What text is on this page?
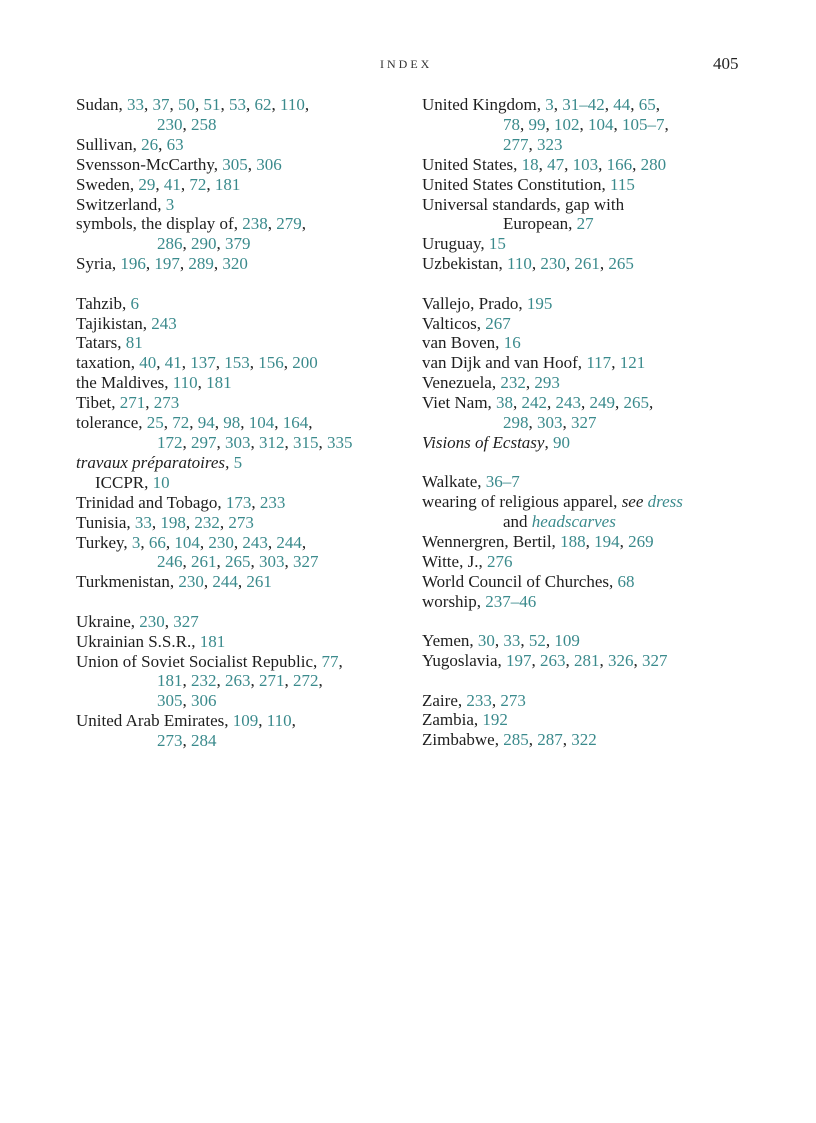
INDEX	405
Sudan, 33, 37, 50, 51, 53, 62, 110,
230, 258
Sullivan, 26, 63
Svensson-McCarthy, 305, 306
Sweden, 29, 41, 72, 181
Switzerland, 3
symbols, the display of, 238, 279,
286, 290, 379
Syria, 196, 197, 289, 320
Tahzib, 6
Tajikistan, 243
Tatars, 81
taxation, 40, 41, 137, 153, 156, 200
the Maldives, 110, 181
Tibet, 271, 273
tolerance, 25, 72, 94, 98, 104, 164,
172, 297, 303, 312, 315, 335
travaux préparatoires, 5
ICCPR, 10
Trinidad and Tobago, 173, 233
Tunisia, 33, 198, 232, 273
Turkey, 3, 66, 104, 230, 243, 244,
246, 261, 265, 303, 327
Turkmenistan, 230, 244, 261
Ukraine, 230, 327
Ukrainian S.S.R., 181
Union of Soviet Socialist Republic, 77,
181, 232, 263, 271, 272,
305, 306
United Arab Emirates, 109, 110,
273, 284
United Kingdom, 3, 31–42, 44, 65,
78, 99, 102, 104, 105–7,
277, 323
United States, 18, 47, 103, 166, 280
United States Constitution, 115
Universal standards, gap with
European, 27
Uruguay, 15
Uzbekistan, 110, 230, 261, 265
Vallejo, Prado, 195
Valticos, 267
van Boven, 16
van Dijk and van Hoof, 117, 121
Venezuela, 232, 293
Viet Nam, 38, 242, 243, 249, 265,
298, 303, 327
Visions of Ecstasy, 90
Walkate, 36–7
wearing of religious apparel, see dress
and headscarves
Wennergren, Bertil, 188, 194, 269
Witte, J., 276
World Council of Churches, 68
worship, 237–46
Yemen, 30, 33, 52, 109
Yugoslavia, 197, 263, 281, 326, 327
Zaire, 233, 273
Zambia, 192
Zimbabwe, 285, 287, 322
